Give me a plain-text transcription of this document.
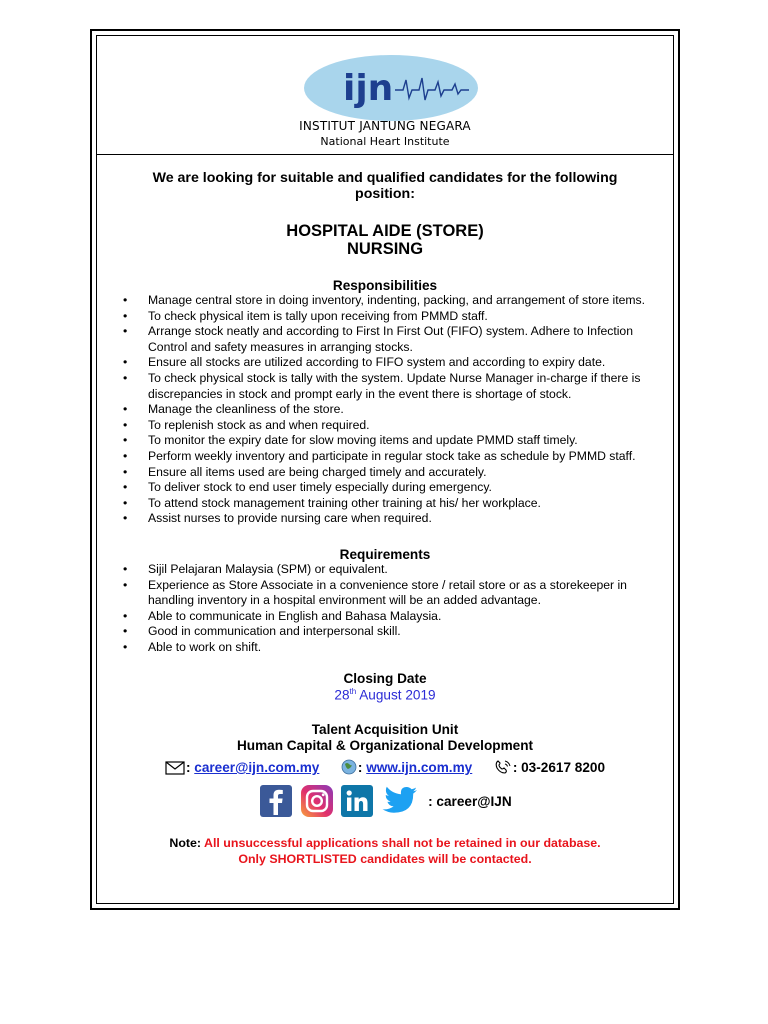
ijn
INSTITUT JANTUNG NEGARA
National Heart Institute
We are looking for suitable and qualified candidates for the following position:
HOSPITAL AIDE (STORE)
NURSING
Responsibilities
• Manage central store in doing inventory, indenting, packing, and arrangement of store items.
• To check physical item is tally upon receiving from PMMD staff.
• Arrange stock neatly and according to First In First Out (FIFO) system. Adhere to Infection Control and safety measures in arranging stocks.
• Ensure all stocks are utilized according to FIFO system and according to expiry date.
• To check physical stock is tally with the system. Update Nurse Manager in-charge if there is discrepancies in stock and prompt early in the event there is shortage of stock.
• Manage the cleanliness of the store.
• To replenish stock as and when required.
• To monitor the expiry date for slow moving items and update PMMD staff timely.
• Perform weekly inventory and participate in regular stock take as schedule by PMMD staff.
• Ensure all items used are being charged timely and accurately.
• To deliver stock to end user timely especially during emergency.
• To attend stock management training other training at his/ her workplace.
• Assist nurses to provide nursing care when required.
Requirements
• Sijil Pelajaran Malaysia (SPM) or equivalent.
• Experience as Store Associate in a convenience store / retail store or as a storekeeper in handling inventory in a hospital environment will be an added advantage.
• Able to communicate in English and Bahasa Malaysia.
• Good in communication and interpersonal skill.
• Able to work on shift.
Closing Date
28th August 2019
Talent Acquisition Unit
Human Capital & Organizational Development
: career@ijn.com.my	: www.ijn.com.my	: 03-2617 8200
: career@IJN
Note: All unsuccessful applications shall not be retained in our database.
Only SHORTLISTED candidates will be contacted.
